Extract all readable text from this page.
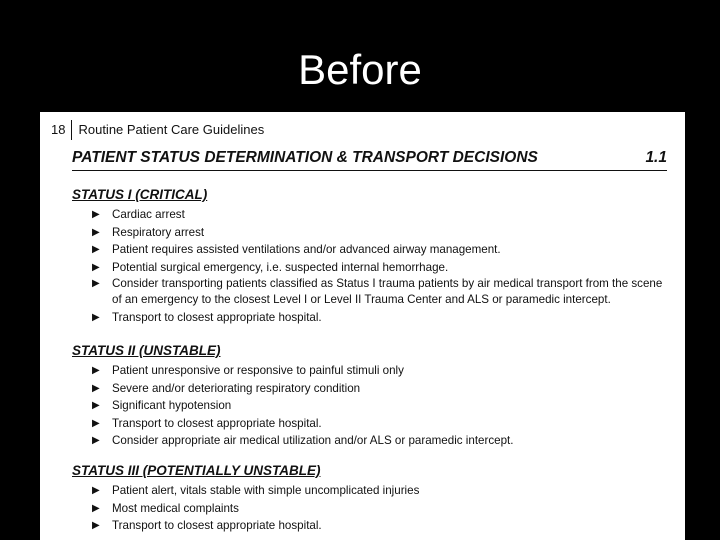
Before
18	Routine Patient Care Guidelines
PATIENT STATUS DETERMINATION & TRANSPORT DECISIONS	1.1
STATUS I (CRITICAL)
▶ Cardiac arrest
▶ Respiratory arrest
▶ Patient requires assisted ventilations and/or advanced airway management.
▶ Potential surgical emergency, i.e. suspected internal hemorrhage.
▶ Consider transporting patients classified as Status I trauma patients by air medical transport from the scene of an emergency to the closest Level I or Level II Trauma Center and ALS or paramedic intercept.
▶ Transport to closest appropriate hospital.
STATUS II (UNSTABLE)
▶ Patient unresponsive or responsive to painful stimuli only
▶ Severe and/or deteriorating respiratory condition
▶ Significant hypotension
▶ Transport to closest appropriate hospital.
▶ Consider appropriate air medical utilization and/or ALS or paramedic intercept.
STATUS III (POTENTIALLY UNSTABLE)
▶ Patient alert, vitals stable with simple uncomplicated injuries
▶ Most medical complaints
▶ Transport to closest appropriate hospital.
